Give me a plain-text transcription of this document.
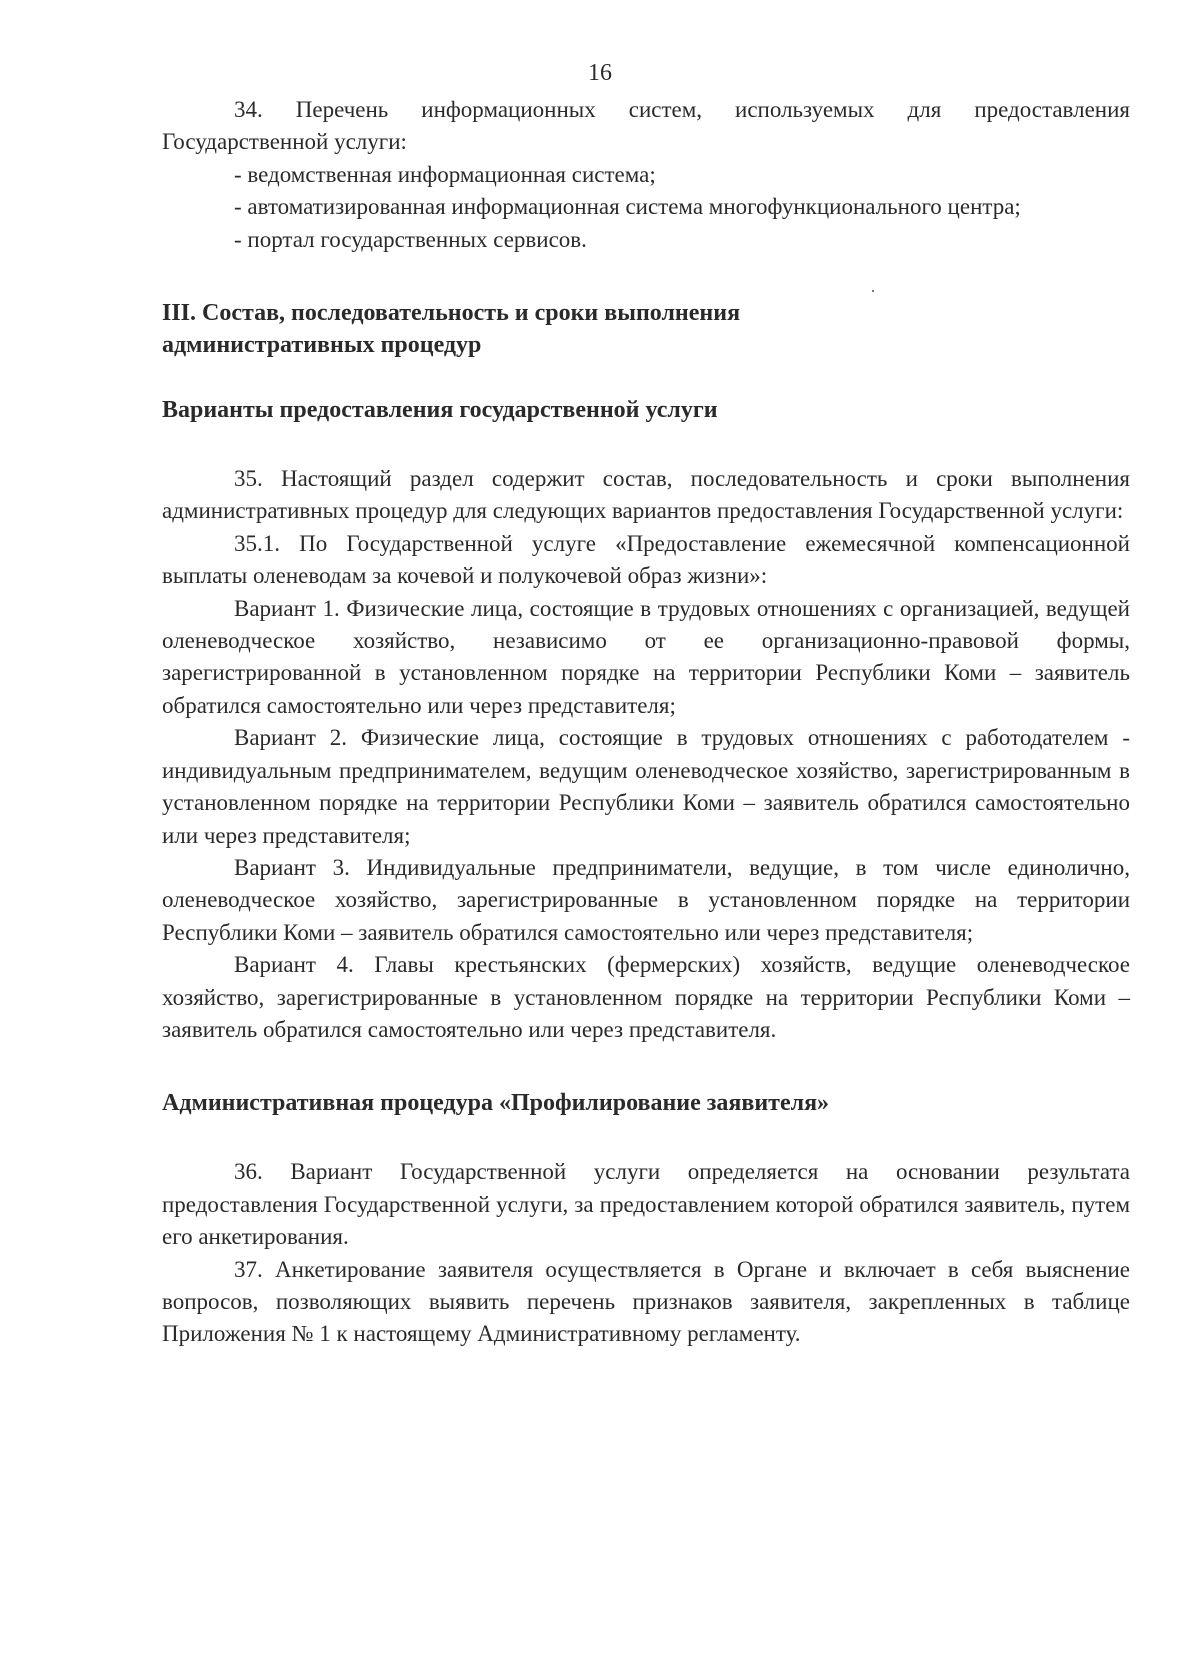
16

34. Перечень информационных систем, используемых для предоставления Государственной услуги:

- ведомственная информационная система;

- автоматизированная информационная система многофункционального центра;

- портал государственных сервисов.

III. Состав, последовательность и сроки выполнения

административных процедур

Варианты предоставления государственной услуги

35. Настоящий раздел содержит состав, последовательность и сроки выполнения административных процедур для следующих вариантов предоставления Государственной услуги:

35.1. По Государственной услуге «Предоставление ежемесячной компенсационной выплаты оленеводам за кочевой и полукочевой образ жизни»:

Вариант 1. Физические лица, состоящие в трудовых отношениях с организацией, ведущей оленеводческое хозяйство, независимо от ее организационно-правовой формы, зарегистрированной в установленном порядке на территории Республики Коми – заявитель обратился самостоятельно или через представителя;

Вариант 2. Физические лица, состоящие в трудовых отношениях с работодателем - индивидуальным предпринимателем, ведущим оленеводческое хозяйство, зарегистрированным в установленном порядке на территории Республики Коми – заявитель обратился самостоятельно или через представителя;

Вариант 3. Индивидуальные предприниматели, ведущие, в том числе единолично, оленеводческое хозяйство, зарегистрированные в установленном порядке на территории Республики Коми – заявитель обратился самостоятельно или через представителя;

Вариант 4. Главы крестьянских (фермерских) хозяйств, ведущие оленеводческое хозяйство, зарегистрированные в установленном порядке на территории Республики Коми – заявитель обратился самостоятельно или через представителя.

Административная процедура «Профилирование заявителя»

36. Вариант Государственной услуги определяется на основании результата предоставления Государственной услуги, за предоставлением которой обратился заявитель, путем его анкетирования.

37. Анкетирование заявителя осуществляется в Органе и включает в себя выяснение вопросов, позволяющих выявить перечень признаков заявителя, закрепленных в таблице Приложения № 1 к настоящему Административному регламенту.
